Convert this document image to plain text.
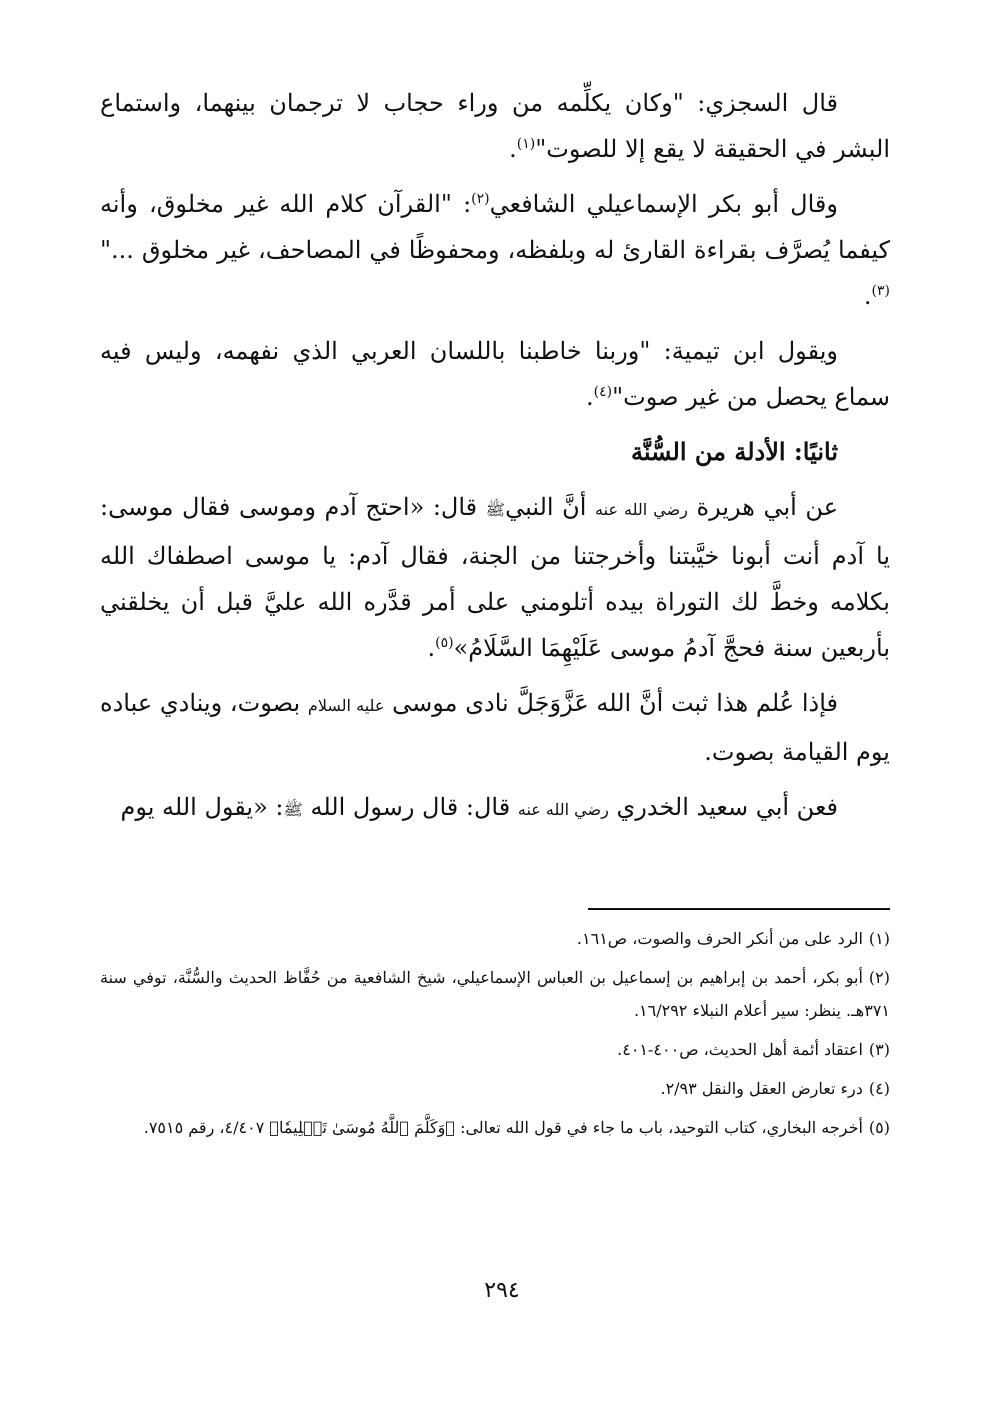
قال السجزي: "وكان يكلِّمه من وراء حجاب لا ترجمان بينهما، واستماع البشر في الحقيقة لا يقع إلا للصوت"$^{(١)}$.

وقال أبو بكر الإسماعيلي الشافعي$^{(٢)}$: "القرآن كلام الله غير مخلوق، وأنه كيفما يُصرَّف بقراءة القارئ له وبلفظه، ومحفوظًا في المصاحف، غير مخلوق ..."$^{(٣)}$.

ويقول ابن تيمية: "وربنا خاطبنا باللسان العربي الذي نفهمه، وليس فيه سماع يحصل من غير صوت"$^{(٤)}$.

ثانيًا: الأدلة من السُّنَّة

عن أبي هريرة رضي الله عنه أنَّ النبيﷺ قال: «احتج آدم وموسى فقال موسى: يا آدم أنت أبونا خيَّبتنا وأخرجتنا من الجنة، فقال آدم: يا موسى اصطفاك الله بكلامه وخطَّ لك التوراة بيده أتلومني على أمر قدَّره الله عليَّ قبل أن يخلقني بأربعين سنة فحجَّ آدمُ موسى عَلَيْهِمَا السَّلَامُ»$^{(٥)}$.

فإذا عُلم هذا ثبت أنَّ الله عَزَّوَجَلَّ نادى موسى عليه السلام بصوت، وينادي عباده يوم القيامة بصوت.

فعن أبي سعيد الخدري رضي الله عنه قال: قال رسول الله ﷺ: «يقول الله يوم

(١)الرد على من أنكر الحرف والصوت، ص١٦١.

(٢)أبو بكر، أحمد بن إبراهيم بن إسماعيل بن العباس الإسماعيلي، شيخ الشافعية من حُفَّاظ الحديث والسُّنَّة، توفي سنة ٣٧١هـ. ينظر: سير أعلام النبلاء ١٦/٢٩٢.

(٣)اعتقاد أئمة أهل الحديث، ص٤٠٠-٤٠١.

(٤)درء تعارض العقل والنقل ٢/٩٣.

(٥)أخرجه البخاري، كتاب التوحيد، باب ما جاء في قول الله تعالى: ﴿وَكَلَّمَ ٱللَّهُ مُوسَىٰ تَكۡلِيمٗا﴾ ٤/٤٠٧، رقم ٧٥١٥.

٢٩٤
